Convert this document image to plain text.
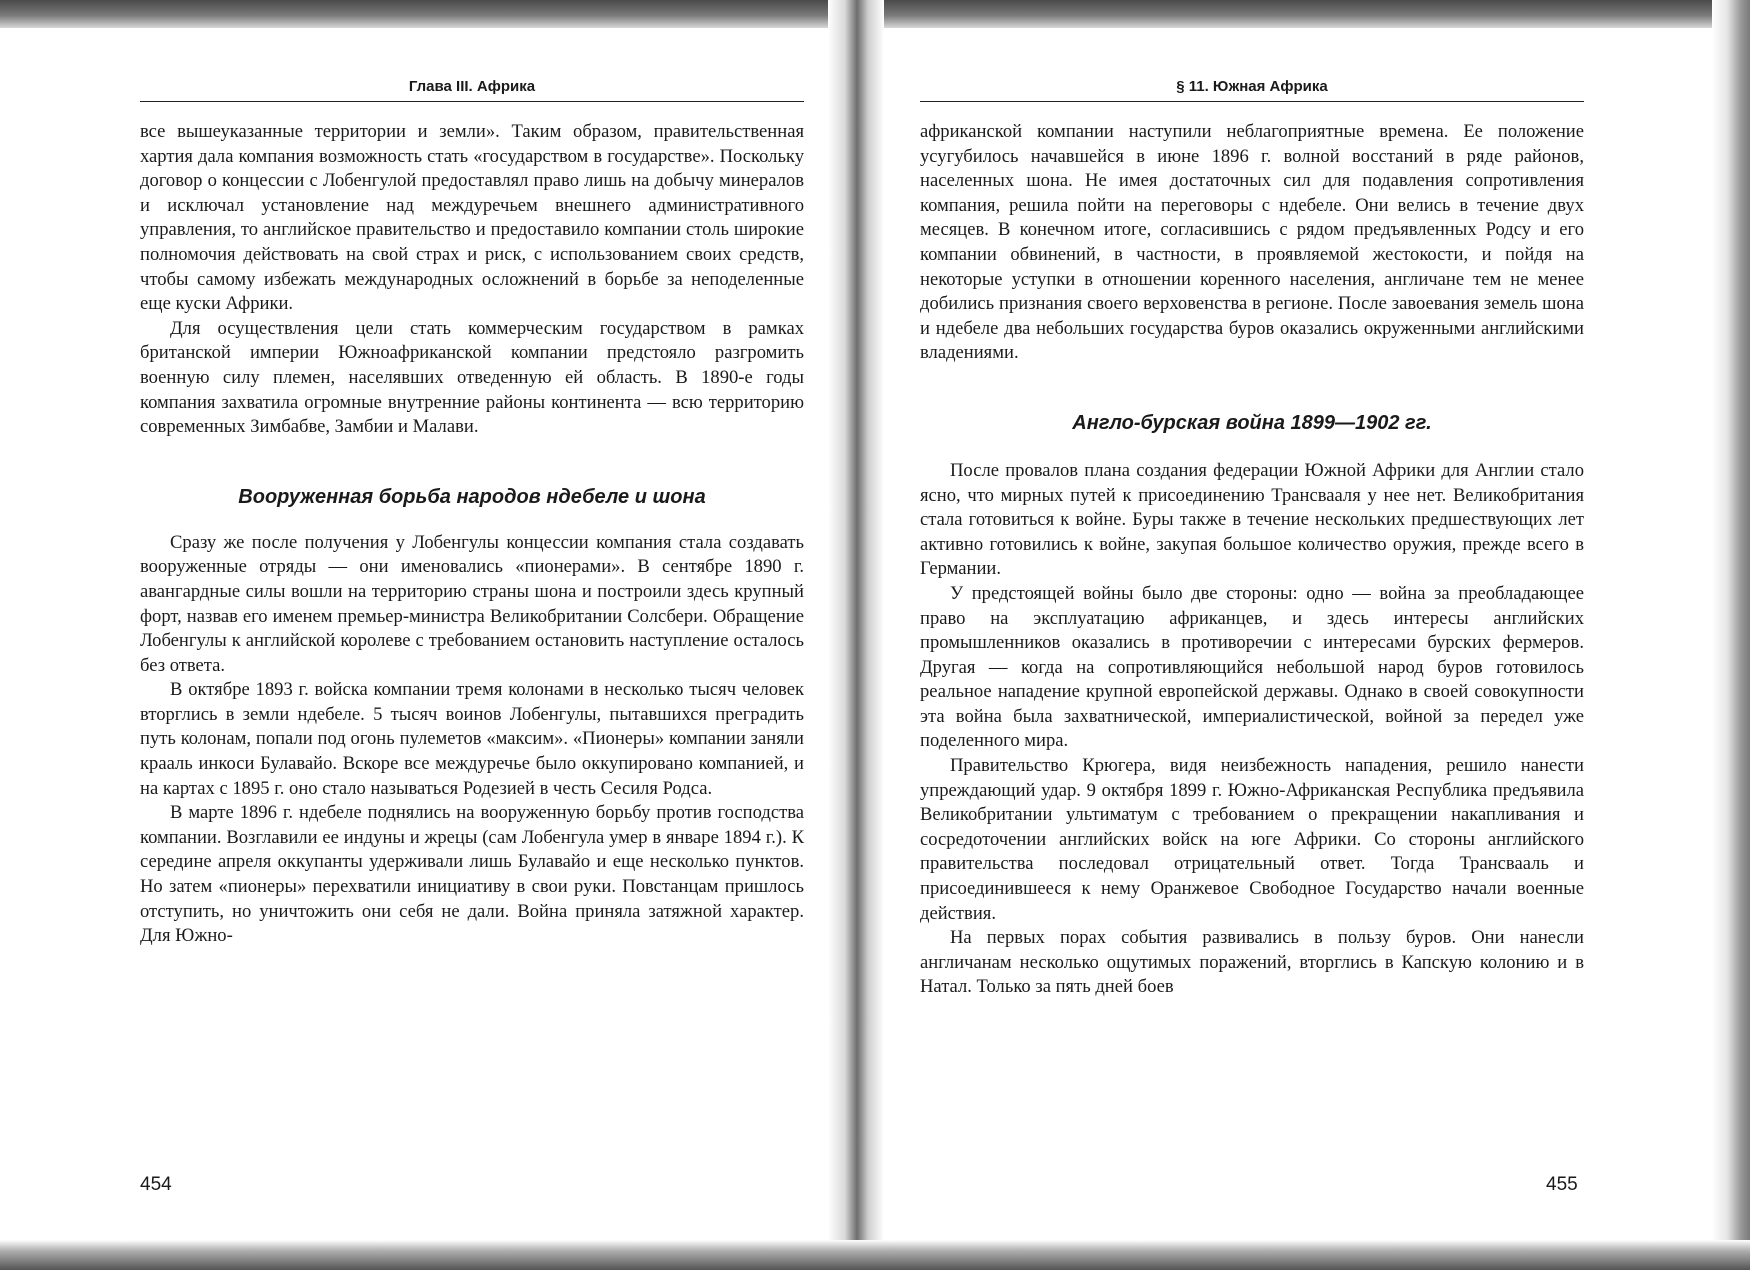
Глава III. Африка

все вышеуказанные территории и земли». Таким образом, правительственная хартия дала компания возможность стать «государством в государстве». Поскольку договор о концессии с Лобенгулой предоставлял право лишь на добычу минералов и исключал установление над междуречьем внешнего административного управления, то английское правительство и предоставило компании столь широкие полномочия действовать на свой страх и риск, с использованием своих средств, чтобы самому избежать международных осложнений в борьбе за неподеленные еще куски Африки.

Для осуществления цели стать коммерческим государством в рамках британской империи Южноафриканской компании предстояло разгромить военную силу племен, населявших отведенную ей область. В 1890-е годы компания захватила огромные внутренние районы континента — всю территорию современных Зимбабве, Замбии и Малави.

Вооруженная борьба народов ндебеле и шона

Сразу же после получения у Лобенгулы концессии компания стала создавать вооруженные отряды — они именовались «пионерами». В сентябре 1890 г. авангардные силы вошли на территорию страны шона и построили здесь крупный форт, назвав его именем премьер-министра Великобритании Солсбери. Обращение Лобенгулы к английской королеве с требованием остановить наступление осталось без ответа.

В октябре 1893 г. войска компании тремя колонами в несколько тысяч человек вторглись в земли ндебеле. 5 тысяч воинов Лобенгулы, пытавшихся преградить путь колонам, попали под огонь пулеметов «максим». «Пионеры» компании заняли крааль инкоси Булавайо. Вскоре все междуречье было оккупировано компанией, и на картах с 1895 г. оно стало называться Родезией в честь Сесиля Родса.

В марте 1896 г. ндебеле поднялись на вооруженную борьбу против господства компании. Возглавили ее индуны и жрецы (сам Лобенгула умер в январе 1894 г.). К середине апреля оккупанты удерживали лишь Булавайо и еще несколько пунктов. Но затем «пионеры» перехватили инициативу в свои руки. Повстанцам пришлось отступить, но уничтожить они себя не дали. Война приняла затяжной характер. Для Южно-

§ 11. Южная Африка

африканской компании наступили неблагоприятные времена. Ее положение усугубилось начавшейся в июне 1896 г. волной восстаний в ряде районов, населенных шона. Не имея достаточных сил для подавления сопротивления компания, решила пойти на переговоры с ндебеле. Они велись в течение двух месяцев. В конечном итоге, согласившись с рядом предъявленных Родсу и его компании обвинений, в частности, в проявляемой жестокости, и пойдя на некоторые уступки в отношении коренного населения, англичане тем не менее добились признания своего верховенства в регионе. После завоевания земель шона и ндебеле два небольших государства буров оказались окруженными английскими владениями.

Англо-бурская война 1899—1902 гг.

После провалов плана создания федерации Южной Африки для Англии стало ясно, что мирных путей к присоединению Трансвааля у нее нет. Великобритания стала готовиться к войне. Буры также в течение нескольких предшествующих лет активно готовились к войне, закупая большое количество оружия, прежде всего в Германии.

У предстоящей войны было две стороны: одно — война за преобладающее право на эксплуатацию африканцев, и здесь интересы английских промышленников оказались в противоречии с интересами бурских фермеров. Другая — когда на сопротивляющийся небольшой народ буров готовилось реальное нападение крупной европейской державы. Однако в своей совокупности эта война была захватнической, империалистической, войной за передел уже поделенного мира.

Правительство Крюгера, видя неизбежность нападения, решило нанести упреждающий удар. 9 октября 1899 г. Южно-Африканская Республика предъявила Великобритании ультиматум с требованием о прекращении накапливания и сосредоточении английских войск на юге Африки. Со стороны английского правительства последовал отрицательный ответ. Тогда Трансвааль и присоединившееся к нему Оранжевое Свободное Государство начали военные действия.

На первых порах события развивались в пользу буров. Они нанесли англичанам несколько ощутимых поражений, вторглись в Капскую колонию и в Натал. Только за пять дней боев

454	455
